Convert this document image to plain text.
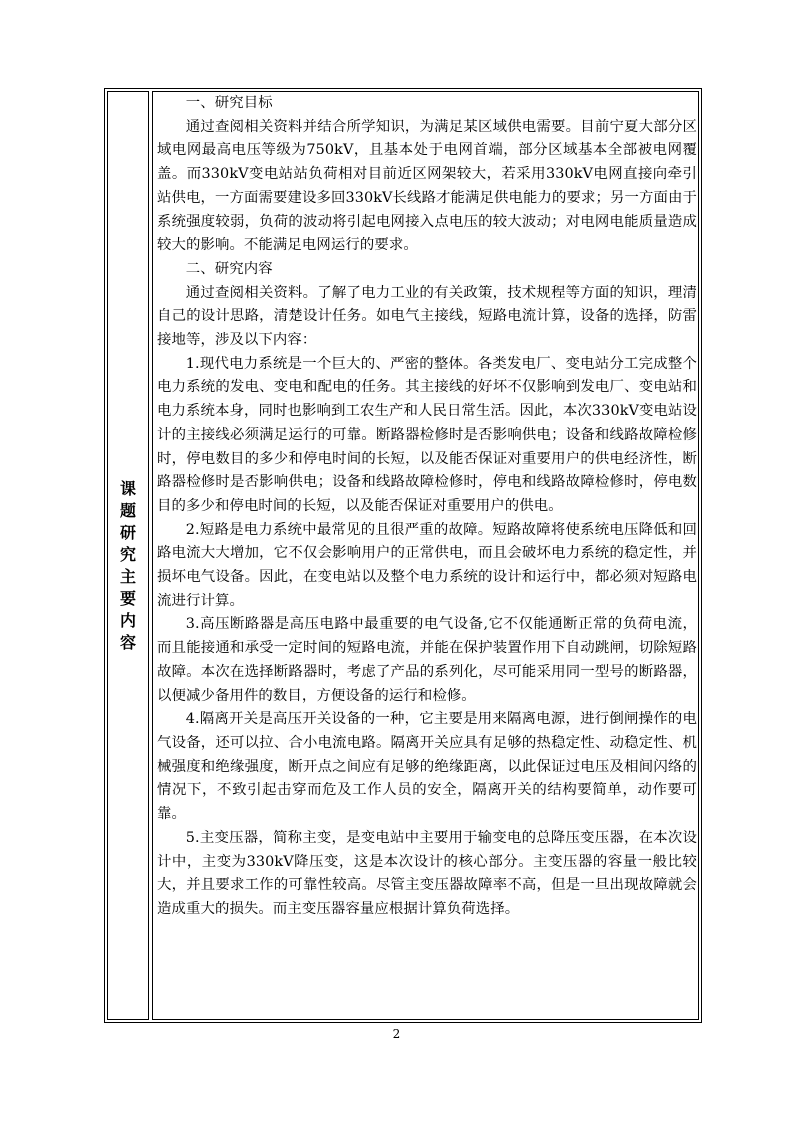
课
题
研
究
主
要
内
容

一、研究目标

通过查阅相关资料并结合所学知识，为满足某区域供电需要。目前宁夏大部分区域电网最高电压等级为750kV，且基本处于电网首端，部分区域基本全部被电网覆盖。而330kV变电站站负荷相对目前近区网架较大，若采用330kV电网直接向牵引站供电，一方面需要建设多回330kV长线路才能满足供电能力的要求；另一方面由于系统强度较弱，负荷的波动将引起电网接入点电压的较大波动；对电网电能质量造成较大的影响。不能满足电网运行的要求。

二、研究内容

通过查阅相关资料。了解了电力工业的有关政策，技术规程等方面的知识，理清自己的设计思路，清楚设计任务。如电气主接线，短路电流计算，设备的选择，防雷接地等，涉及以下内容：

1.现代电力系统是一个巨大的、严密的整体。各类发电厂、变电站分工完成整个电力系统的发电、变电和配电的任务。其主接线的好坏不仅影响到发电厂、变电站和电力系统本身，同时也影响到工农生产和人民日常生活。因此，本次330kV变电站设计的主接线必须满足运行的可靠。断路器检修时是否影响供电；设备和线路故障检修时，停电数目的多少和停电时间的长短，以及能否保证对重要用户的供电经济性，断路器检修时是否影响供电；设备和线路故障检修时，停电和线路故障检修时，停电数目的多少和停电时间的长短，以及能否保证对重要用户的供电。

2.短路是电力系统中最常见的且很严重的故障。短路故障将使系统电压降低和回路电流大大增加，它不仅会影响用户的正常供电，而且会破坏电力系统的稳定性，并损坏电气设备。因此，在变电站以及整个电力系统的设计和运行中，都必须对短路电流进行计算。

3.高压断路器是高压电路中最重要的电气设备,它不仅能通断正常的负荷电流，而且能接通和承受一定时间的短路电流，并能在保护装置作用下自动跳闸，切除短路故障。本次在选择断路器时，考虑了产品的系列化，尽可能采用同一型号的断路器，以便减少备用件的数目，方便设备的运行和检修。

4.隔离开关是高压开关设备的一种，它主要是用来隔离电源，进行倒闸操作的电气设备，还可以拉、合小电流电路。隔离开关应具有足够的热稳定性、动稳定性、机械强度和绝缘强度，断开点之间应有足够的绝缘距离，以此保证过电压及相间闪络的情况下，不致引起击穿而危及工作人员的安全，隔离开关的结构要简单，动作要可靠。

5.主变压器，简称主变，是变电站中主要用于输变电的总降压变压器，在本次设计中，主变为330kV降压变，这是本次设计的核心部分。主变压器的容量一般比较大，并且要求工作的可靠性较高。尽管主变压器故障率不高，但是一旦出现故障就会造成重大的损失。而主变压器容量应根据计算负荷选择。

2
